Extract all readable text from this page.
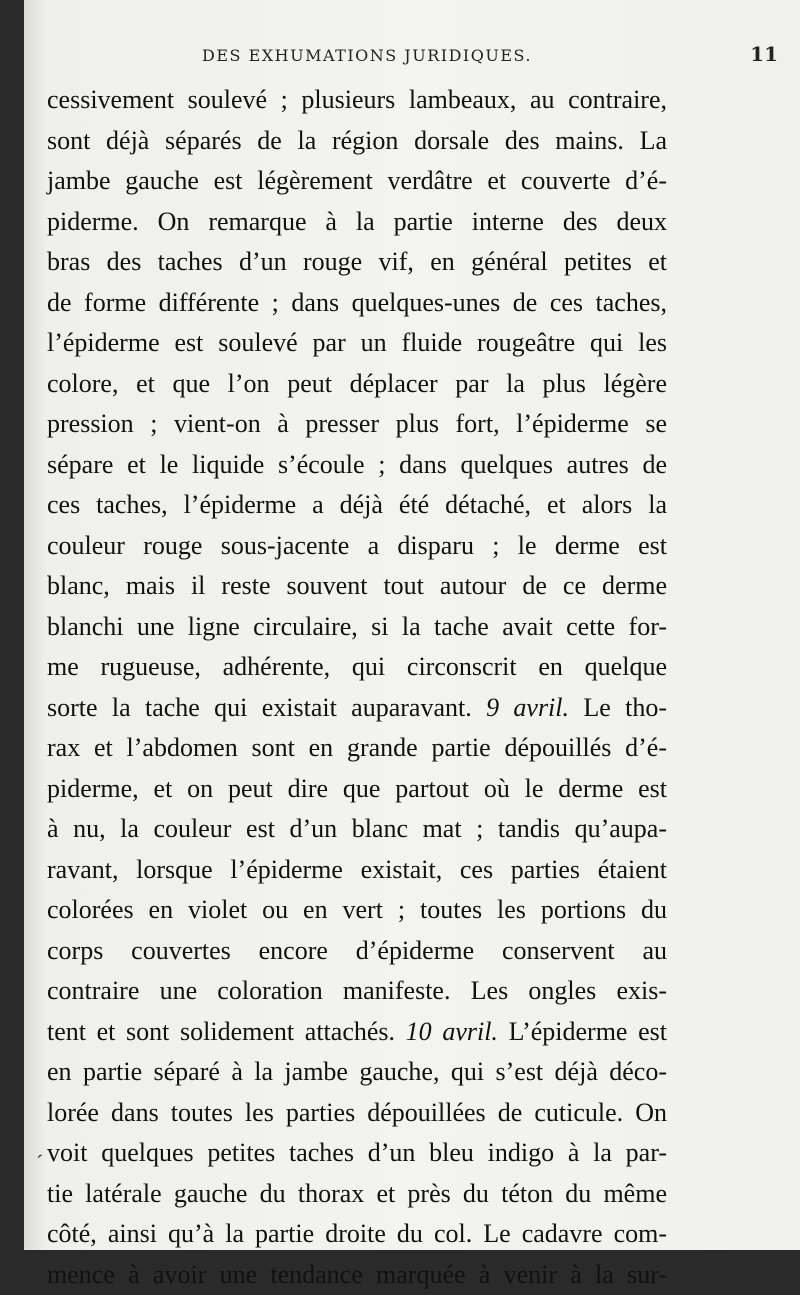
DES EXHUMATIONS JURIDIQUES.	11
cessivement soulevé ; plusieurs lambeaux, au contraire,
sont déjà séparés de la région dorsale des mains. La
jambe gauche est légèrement verdâtre et couverte d’é-
piderme. On remarque à la partie interne des deux
bras des taches d’un rouge vif, en général petites et
de forme différente ; dans quelques-unes de ces taches,
l’épiderme est soulevé par un fluide rougeâtre qui les
colore, et que l’on peut déplacer par la plus légère
pression ; vient-on à presser plus fort, l’épiderme se
sépare et le liquide s’écoule ; dans quelques autres de
ces taches, l’épiderme a déjà été détaché, et alors la
couleur rouge sous-jacente a disparu ; le derme est
blanc, mais il reste souvent tout autour de ce derme
blanchi une ligne circulaire, si la tache avait cette for-
me rugueuse, adhérente, qui circonscrit en quelque
sorte la tache qui existait auparavant. 9 avril. Le tho-
rax et l’abdomen sont en grande partie dépouillés d’é-
piderme, et on peut dire que partout où le derme est
à nu, la couleur est d’un blanc mat ; tandis qu’aupa-
ravant, lorsque l’épiderme existait, ces parties étaient
colorées en violet ou en vert ; toutes les portions du
corps couvertes encore d’épiderme conservent au
contraire une coloration manifeste. Les ongles exis-
tent et sont solidement attachés. 10 avril. L’épiderme est
en partie séparé à la jambe gauche, qui s’est déjà déco-
lorée dans toutes les parties dépouillées de cuticule. On
voit quelques petites taches d’un bleu indigo à la par-
tie latérale gauche du thorax et près du téton du même
côté, ainsi qu’à la partie droite du col. Le cadavre com-
mence à avoir une tendance marquée à venir à la sur-
´
